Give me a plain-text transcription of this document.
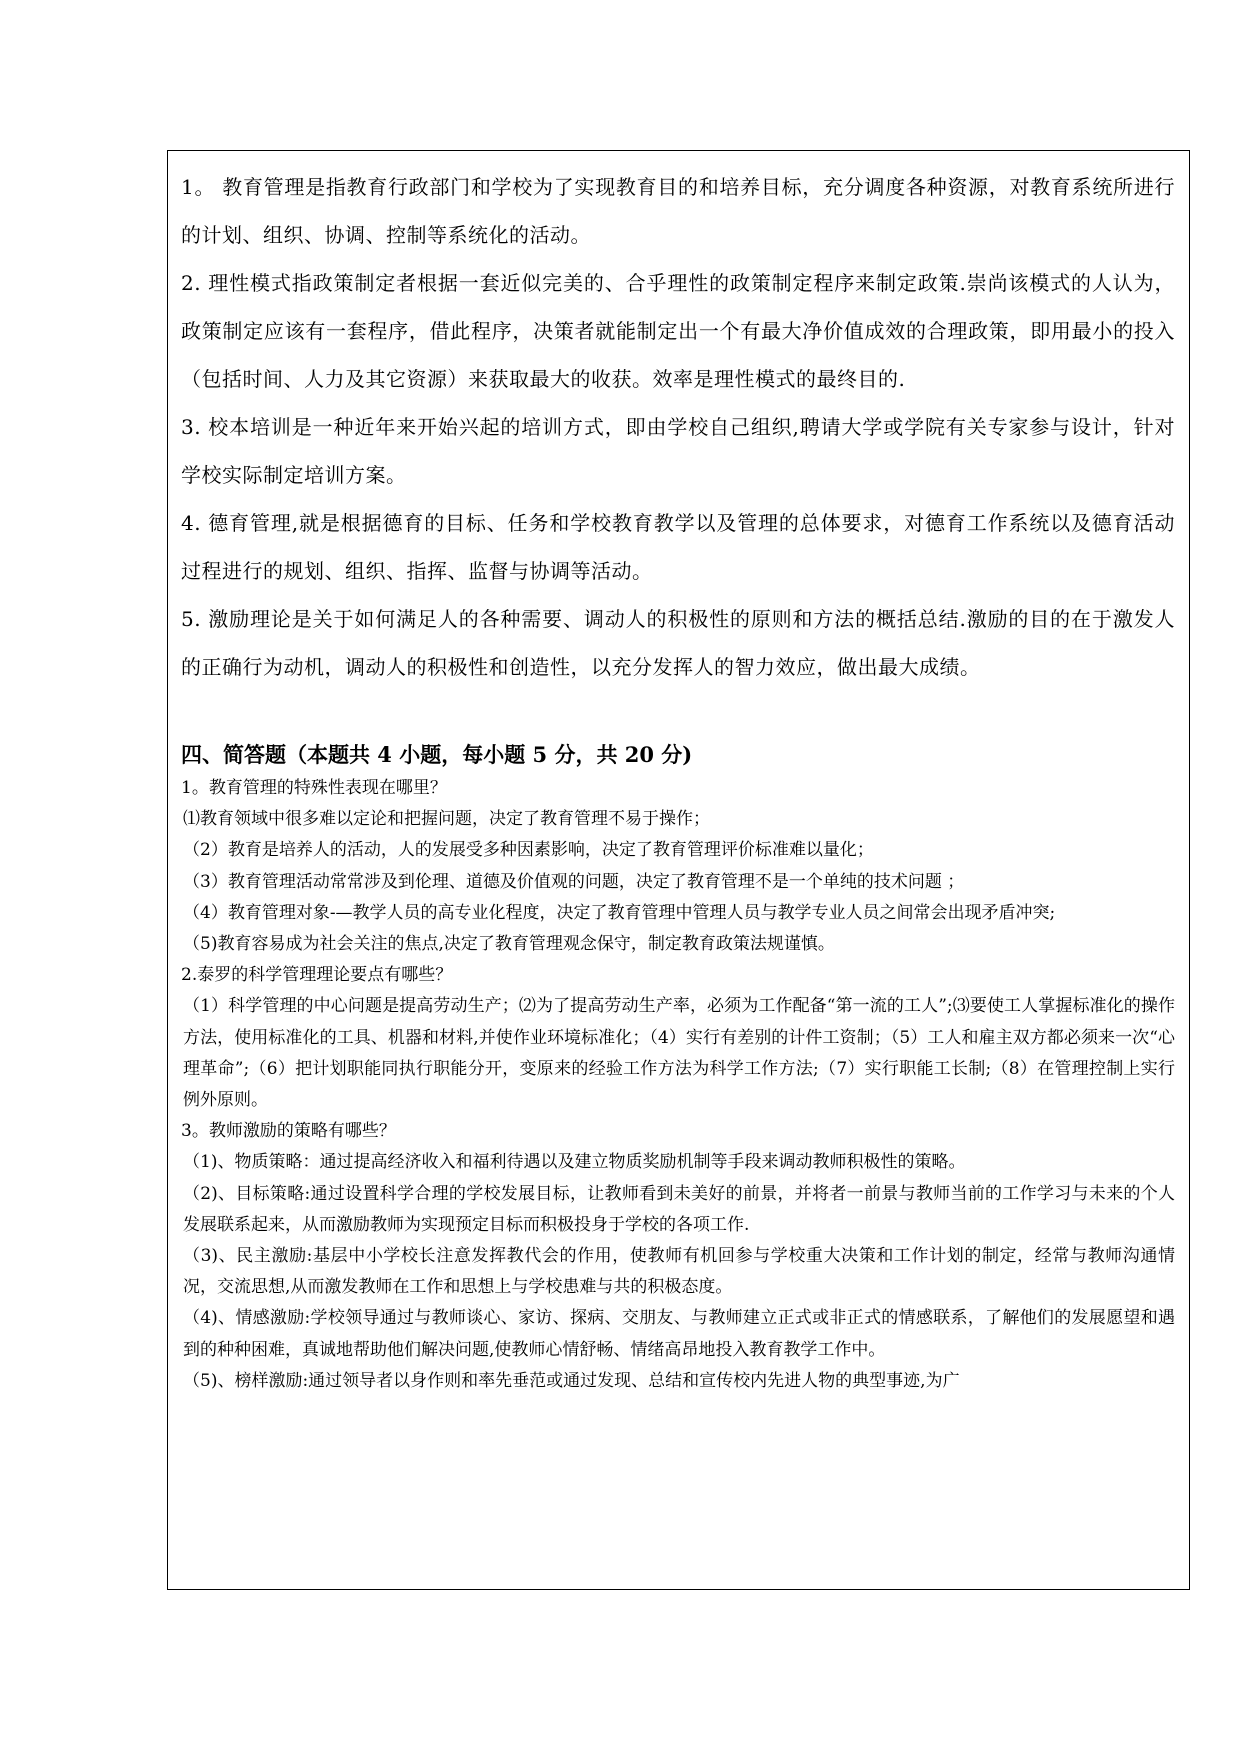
1。 教育管理是指教育行政部门和学校为了实现教育目的和培养目标，充分调度各种资源，对教育系统所进行的计划、组织、协调、控制等系统化的活动。

2. 理性模式指政策制定者根据一套近似完美的、合乎理性的政策制定程序来制定政策.崇尚该模式的人认为，政策制定应该有一套程序，借此程序，决策者就能制定出一个有最大净价值成效的合理政策，即用最小的投入（包括时间、人力及其它资源）来获取最大的收获。效率是理性模式的最终目的.

3. 校本培训是一种近年来开始兴起的培训方式，即由学校自己组织,聘请大学或学院有关专家参与设计，针对学校实际制定培训方案。

4. 德育管理,就是根据德育的目标、任务和学校教育教学以及管理的总体要求，对德育工作系统以及德育活动过程进行的规划、组织、指挥、监督与协调等活动。

5. 激励理论是关于如何满足人的各种需要、调动人的积极性的原则和方法的概括总结.激励的目的在于激发人的正确行为动机，调动人的积极性和创造性，以充分发挥人的智力效应，做出最大成绩。

四、简答题（本题共 4 小题，每小题 5 分，共 20 分)

1。教育管理的特殊性表现在哪里？

⑴教育领域中很多难以定论和把握问题，决定了教育管理不易于操作；

（2）教育是培养人的活动，人的发展受多种因素影响，决定了教育管理评价标准难以量化；

（3）教育管理活动常常涉及到伦理、道德及价值观的问题，决定了教育管理不是一个单纯的技术问题 ；

（4）教育管理对象-—教学人员的高专业化程度，决定了教育管理中管理人员与教学专业人员之间常会出现矛盾冲突;

（5)教育容易成为社会关注的焦点,决定了教育管理观念保守，制定教育政策法规谨慎。

2.泰罗的科学管理理论要点有哪些？

（1）科学管理的中心问题是提高劳动生产；⑵为了提高劳动生产率，必须为工作配备“第一流的工人”;⑶要使工人掌握标准化的操作方法，使用标准化的工具、机器和材料,并使作业环境标准化；（4）实行有差别的计件工资制；（5）工人和雇主双方都必须来一次“心理革命”;（6）把计划职能同执行职能分开，变原来的经验工作方法为科学工作方法;（7）实行职能工长制;（8）在管理控制上实行例外原则。

3。教师激励的策略有哪些？

（1)、物质策略：通过提高经济收入和福利待遇以及建立物质奖励机制等手段来调动教师积极性的策略。

（2)、目标策略:通过设置科学合理的学校发展目标，让教师看到未美好的前景，并将者一前景与教师当前的工作学习与未来的个人发展联系起来，从而激励教师为实现预定目标而积极投身于学校的各项工作.

（3)、民主激励:基层中小学校长注意发挥教代会的作用，使教师有机回参与学校重大决策和工作计划的制定，经常与教师沟通情况，交流思想,从而激发教师在工作和思想上与学校患难与共的积极态度。

（4)、情感激励:学校领导通过与教师谈心、家访、探病、交朋友、与教师建立正式或非正式的情感联系，了解他们的发展愿望和遇到的种种困难，真诚地帮助他们解决问题,使教师心情舒畅、情绪高昂地投入教育教学工作中。

（5)、榜样激励:通过领导者以身作则和率先垂范或通过发现、总结和宣传校内先进人物的典型事迹,为广
